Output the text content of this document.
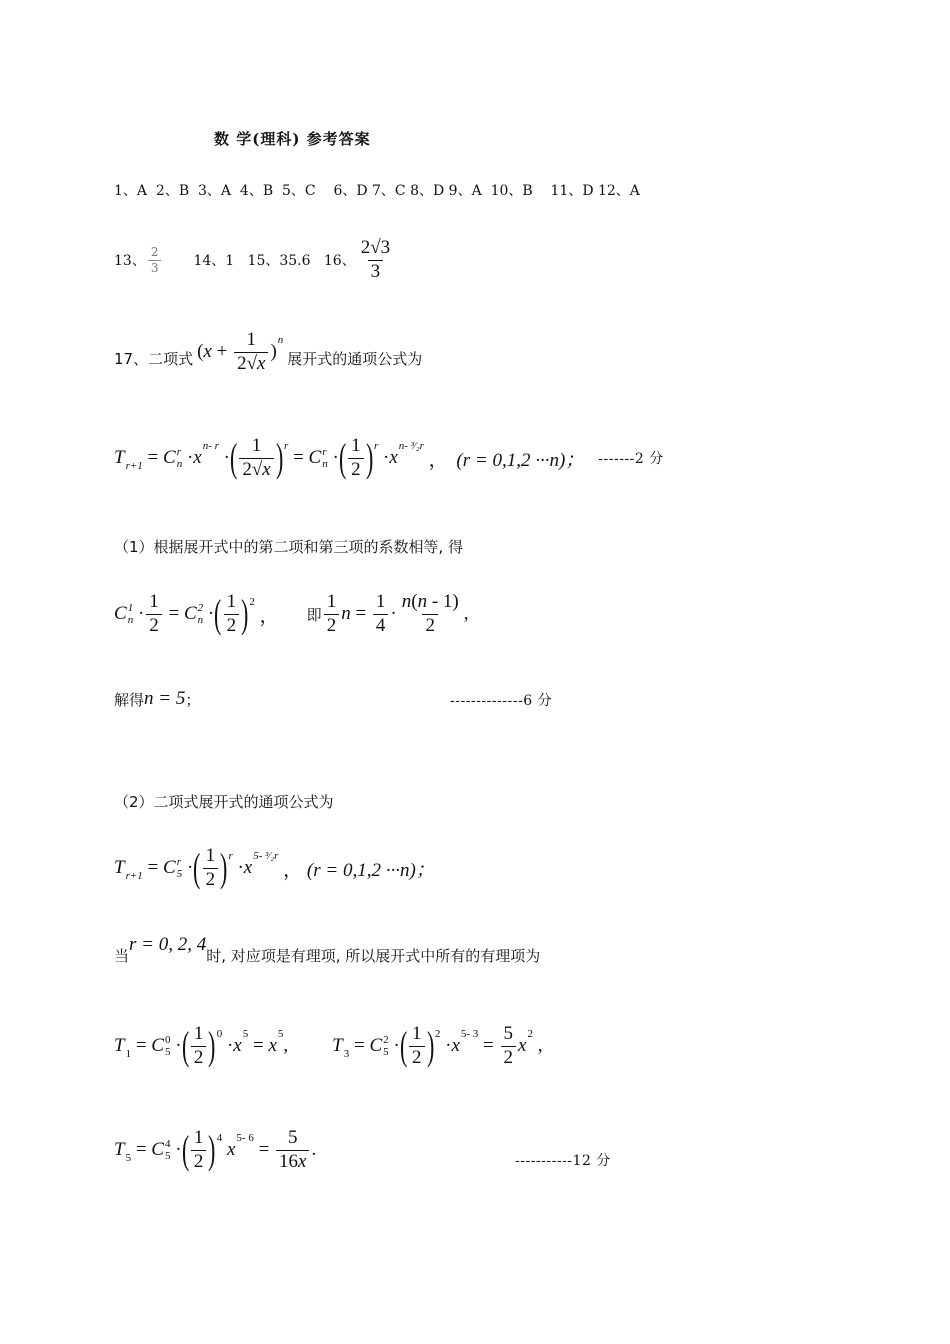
数 学(理科) 参考答案
1、A  2、B  3、A  4、B  5、C    6、D 7、C 8、D 9、A  10、B    11、D 12、A
13、 $\frac{2}{3} 14$、1   15、35.6   16、 $\frac{2√3}{3}$
17、二项式 ( $x + \frac{1}{2√x}$ )
n
展开式的通项公式为
T r+1 = C r
n · x
n- r
· ( $\frac{1}{2√x}$ ) r
= C r
n · ( $\frac{1}{2}$ ) r
· x
n- ³⁄₂r
， (r = 0,1,2 ···n)； -------2 分
（1）根据展开式中的第二项和第三项的系数相等, 得
C 1
$n \cdot \frac{1}{2} = C$ 2
n · ( $\frac{1}{2}$ ) 2
， 即 $\frac{1}{2}$ $n = \frac{1}{4} \cdot \frac{n(n - 1)}{2}$ ,
解得 n = 5 ；	--------------6 分
（2）二项式展开式的通项公式为
T r+1 = C r
5 · ( $\frac{1}{2}$ ) r
· x
5- ³⁄₂r
， (r = 0,1,2 ···n)；
当
r = 0, 2, 4
时, 对应项是有理项, 所以展开式中所有的有理项为
T 1 = C 0
5 · ( $\frac{1}{2}$ ) 0
· x
5
= x
5
, T 3 = C 2
5 · ( $\frac{1}{2}$ ) 2
· x
5- 3
= $\frac{5}{2}$ x
2
,
T 5 = C 4
5 · ( $\frac{1}{2}$ ) 4

x
5- 6
= $\frac{5}{16x}$ .
-----------12 分
